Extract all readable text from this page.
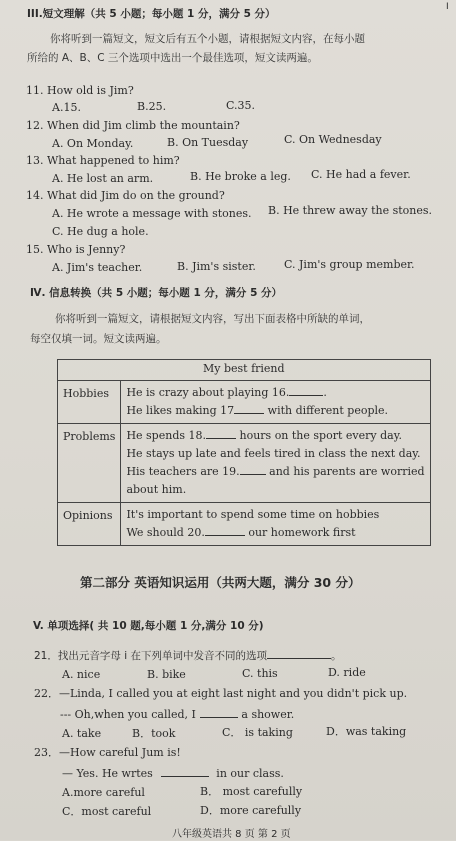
Ⅰ
III.短文理解（共 5 小题；每小题 1 分，满分 5 分）
你将听到一篇短文，短文后有五个小题，请根据短文内容，在每小题
所给的 A、B、C 三个选项中选出一个最佳选项，短文读两遍。
11. How old is Jim?
A.15.	B.25.	C.35.
12. When did Jim climb the mountain?
A. On Monday.	B. On Tuesday	C. On Wednesday
13. What happened to him?
A. He lost an arm.	B. He broke a leg. C. He had a fever.
14. What did Jim do on the ground?
A. He wrote a message with stones. B. He threw away the stones.
C. He dug a hole.
15. Who is Jenny?
A. Jim's teacher.	B. Jim's sister.	C. Jim's group member.
Ⅳ. 信息转换（共 5 小题；每小题 1 分，满分 5 分）
你将听到一篇短文，请根据短文内容，写出下面表格中所缺的单词，
每空仅填一词。短文读两遍。
My best friend	
Hobbies	He is crazy about playing 16. .
He likes making 17 with different people.

Problems	He spends 18. hours on the sport every day.
He stays up late and feels tired in class the next day.
His teachers are 19. and his parents are worried
about him.

Opinions	It's important to spend some time on hobbies
We should 20. our homework first
第二部分 英语知识运用（共两大题，满分 30 分）
V. 单项选择( 共 10 题,每小题 1 分,满分 10 分)
21．找出元音字母 i 在下列单词中发音不同的选项	。
A. nice	B. bike	C. this	D. ride
22．—Linda, I called you at eight last night and you didn't pick up.
--- Oh,when you called, I	a shower.
A. take	B．took	C． is taking	D．was taking
23．—How careful Jum is!
— Yes. He wrtes	in our class.
A.more careful	B． most carefully
C．most careful	D．more carefully
八年级英语共 8 页 第 2 页
